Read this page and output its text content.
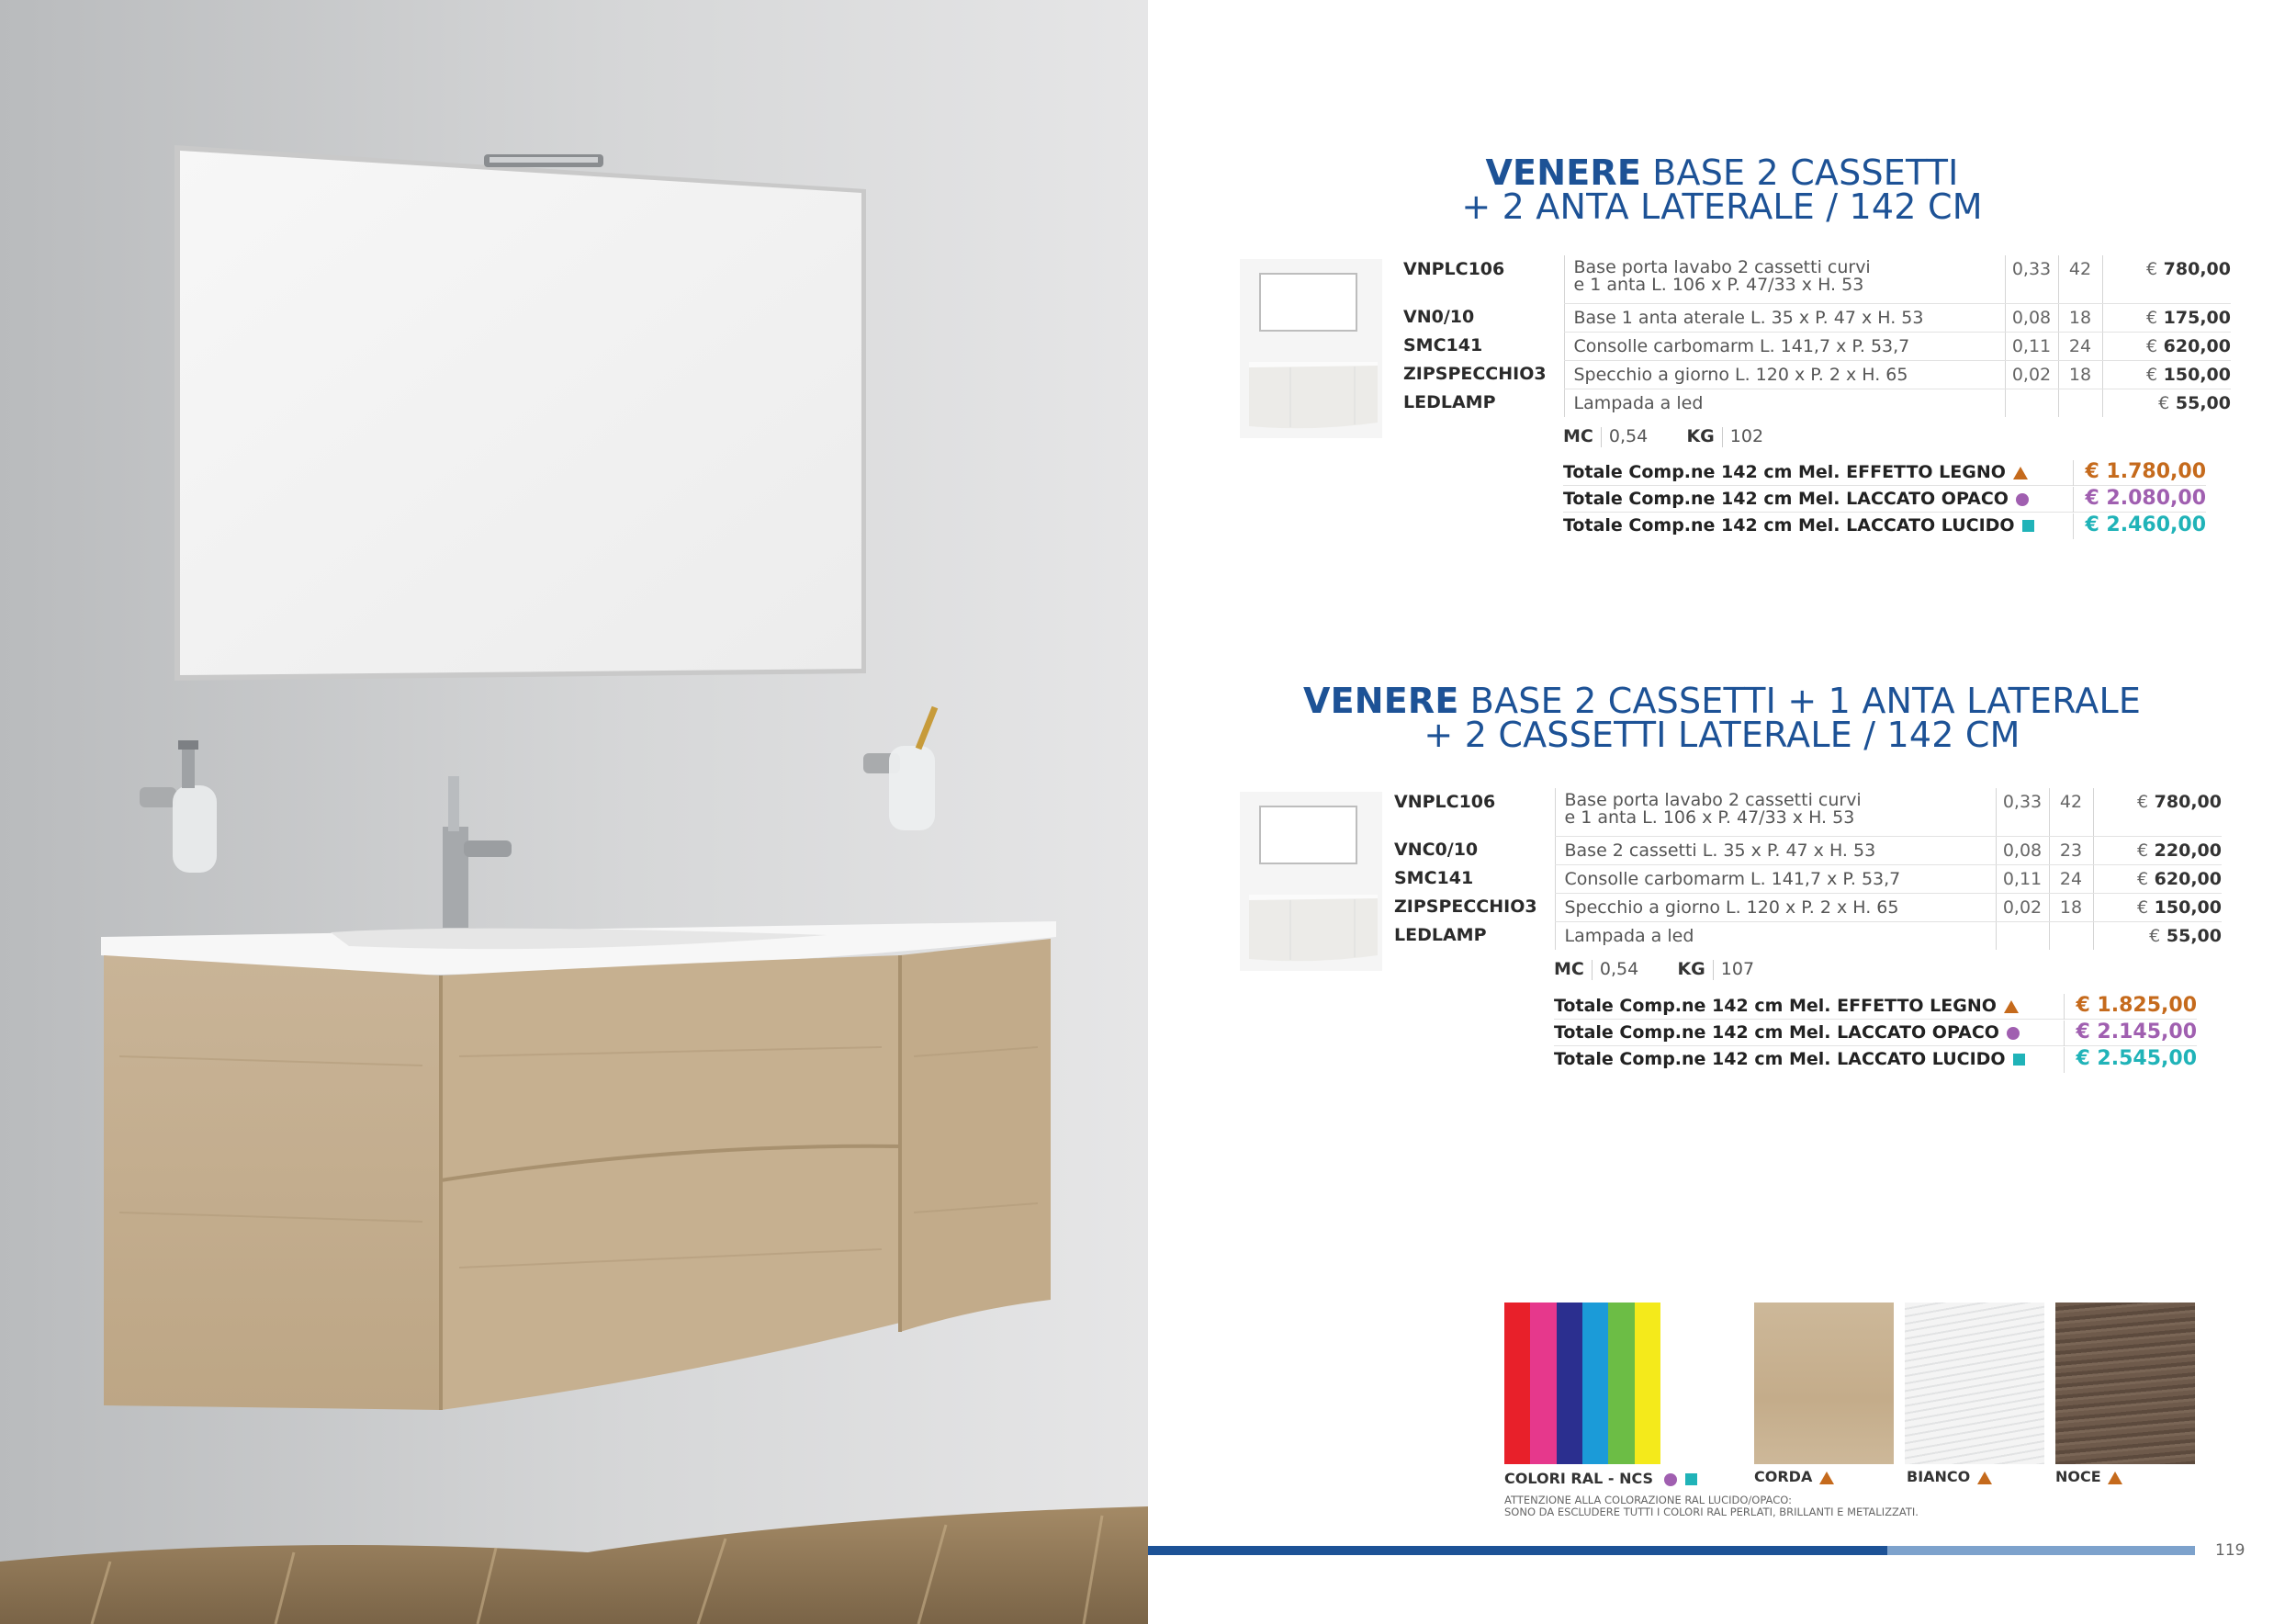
VENERE BASE 2 CASSETTI
+ 2 ANTA LATERALE / 142 CM
VNPLC106	Base porta lavabo 2 cassetti curvi
e 1 anta L. 106 x P. 47/33 x H. 53	0,33	42	€ 780,00
VN0/10	Base 1 anta aterale L. 35 x P. 47 x H. 53	0,08	18	€ 175,00
SMC141	Consolle carbomarm L. 141,7 x P. 53,7	0,11	24	€ 620,00
ZIPSPECCHIO3	Specchio a giorno L. 120 x P. 2 x H. 65	0,02	18	€ 150,00
LEDLAMP	Lampada a led			€ 55,00
MC 0,54 KG 102
Totale Comp.ne 142 cm Mel. EFFETTO LEGNO	€ 1.780,00
Totale Comp.ne 142 cm Mel. LACCATO OPACO	€ 2.080,00
Totale Comp.ne 142 cm Mel. LACCATO LUCIDO	€ 2.460,00
VENERE BASE 2 CASSETTI + 1 ANTA LATERALE
+ 2 CASSETTI LATERALE / 142 CM
VNPLC106	Base porta lavabo 2 cassetti curvi
e 1 anta L. 106 x P. 47/33 x H. 53	0,33	42	€ 780,00
VNC0/10	Base 2 cassetti L. 35 x P. 47 x H. 53	0,08	23	€ 220,00
SMC141	Consolle carbomarm L. 141,7 x P. 53,7	0,11	24	€ 620,00
ZIPSPECCHIO3	Specchio a giorno L. 120 x P. 2 x H. 65	0,02	18	€ 150,00
LEDLAMP	Lampada a led			€ 55,00
MC 0,54 KG 107
Totale Comp.ne 142 cm Mel. EFFETTO LEGNO	€ 1.825,00
Totale Comp.ne 142 cm Mel. LACCATO OPACO	€ 2.145,00
Totale Comp.ne 142 cm Mel. LACCATO LUCIDO	€ 2.545,00
COLORI RAL - NCS	CORDA	BIANCO	NOCE
ATTENZIONE ALLA COLORAZIONE RAL LUCIDO/OPACO:
SONO DA ESCLUDERE TUTTI I COLORI RAL PERLATI, BRILLANTI E METALIZZATI.
119
